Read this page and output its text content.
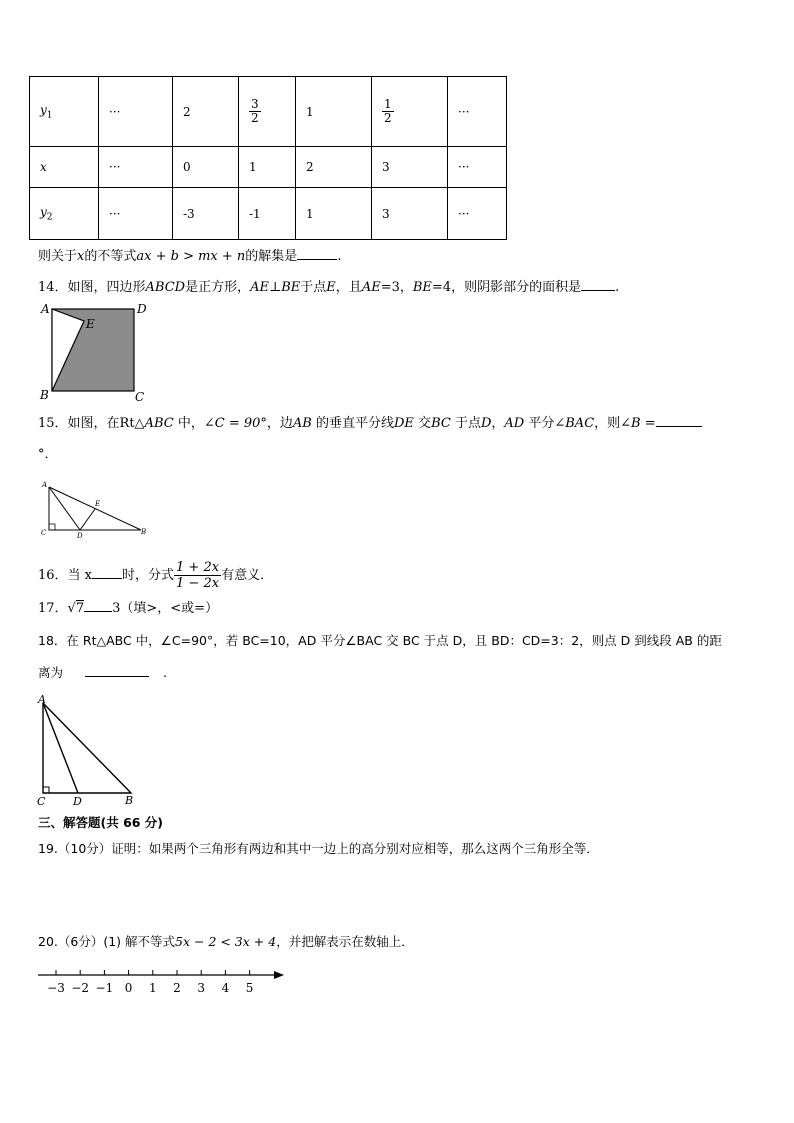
$y_1$	···	2	$\frac{3}{2}$	1	$\frac{1}{2}$	···
x	···	0	1	2	3	···
$y_2$	···	-3	-1	1	3	···
则关于x的不等式ax + b > mx + n的解集是	.
14．如图，四边形ABCD是正方形，AE⊥BE于点E，且AE=3，BE=4，则阴影部分的面积是	.
A	D
E
B	C
15．如图，在Rt△ABC 中，∠C = 90°，边AB 的垂直平分线DE 交BC 于点D，AD 平分∠BAC，则∠B =
°．
A
E
C	D	B
16．当 x 时，分式 $\frac{1 + 2x}{1 - 2x}$ 有意义．
17．√7 3（填>，<或=）
18．在 Rt△ABC 中，∠C=90°，若 BC=10，AD 平分∠BAC 交 BC 于点 D，且 BD：CD=3：2，则点 D 到线段 AB 的距
离为	.
A
C	D	B
三、解答题(共 66 分)
19.（10分）证明：如果两个三角形有两边和其中一边上的高分别对应相等，那么这两个三角形全等．
20.（6分）(1) 解不等式5x − 2 < 3x + 4，并把解表示在数轴上．
−3 −2 −1 0 1 2 3 4 5
